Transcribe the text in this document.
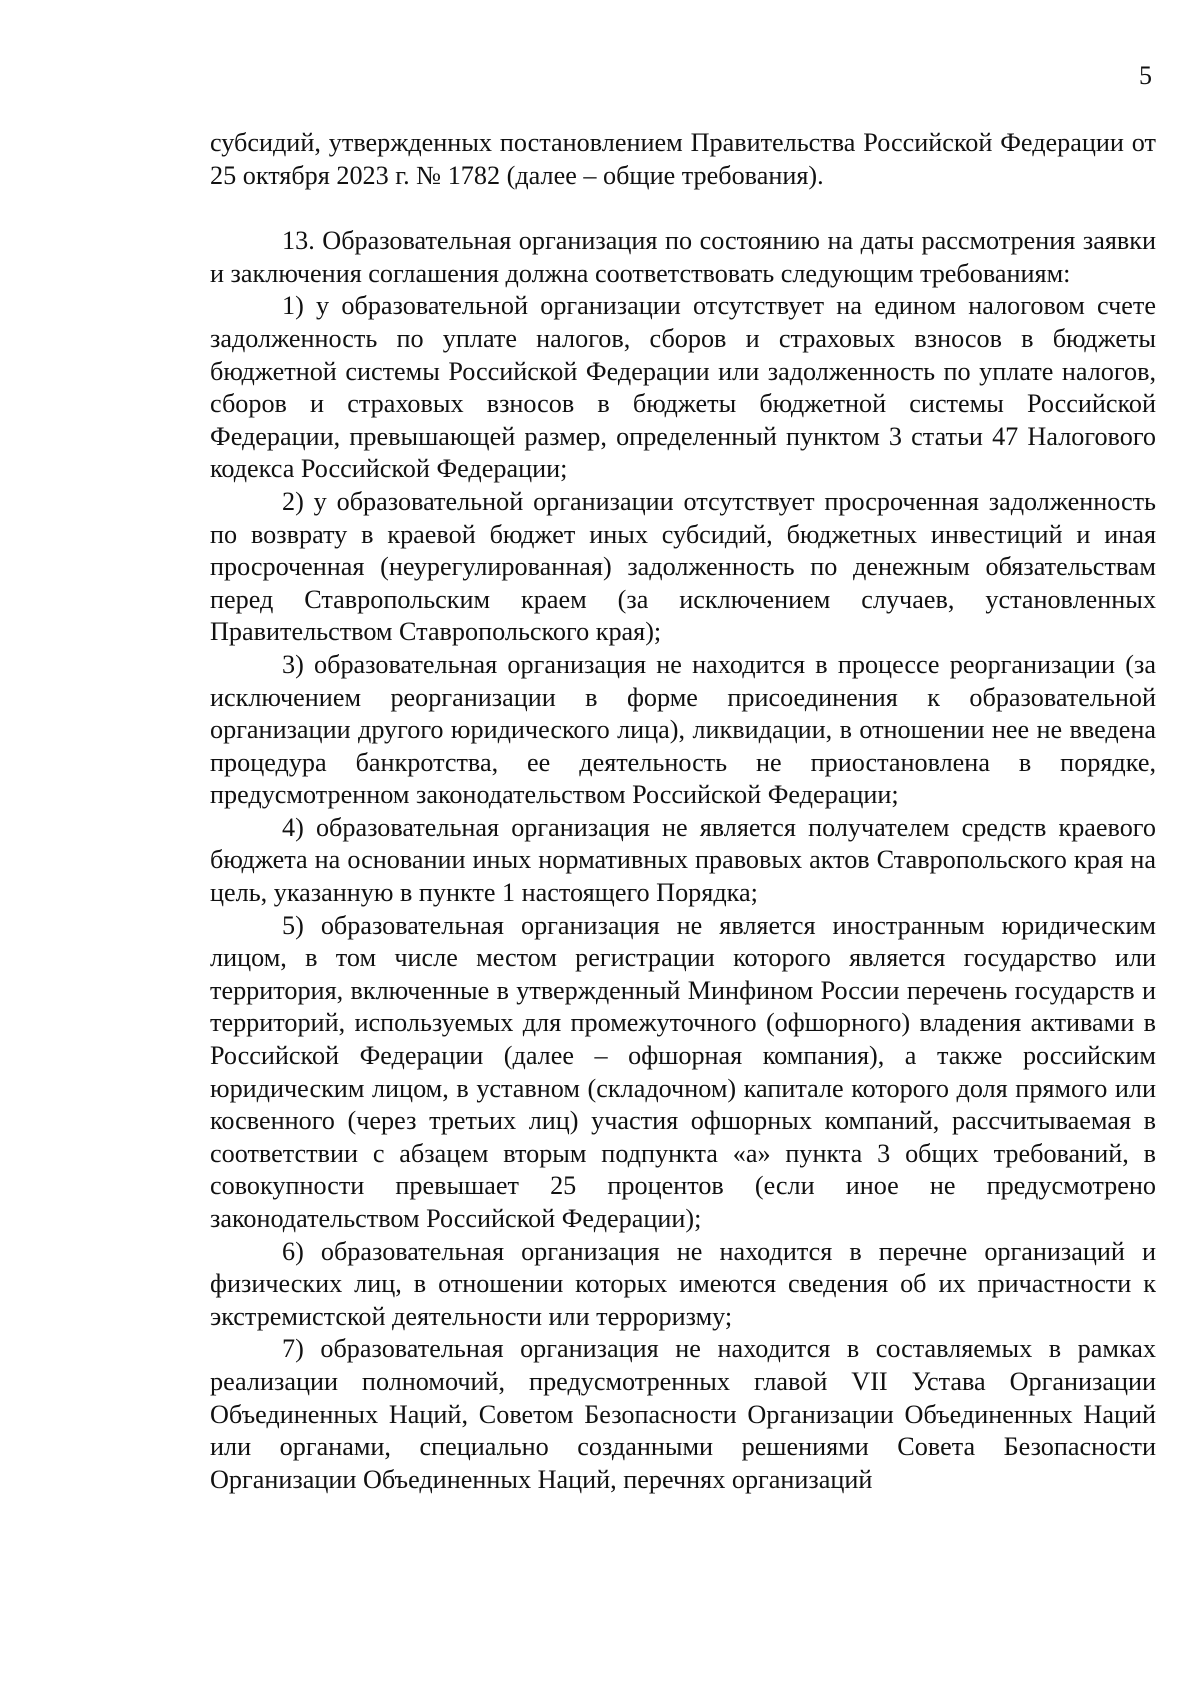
5

субсидий, утвержденных постановлением Правительства Российской Федерации от 25 октября 2023 г. № 1782 (далее – общие требования).

13. Образовательная организация по состоянию на даты рассмотрения заявки и заключения соглашения должна соответствовать следующим требованиям:

1) у образовательной организации отсутствует на едином налоговом счете задолженность по уплате налогов, сборов и страховых взносов в бюджеты бюджетной системы Российской Федерации или задолженность по уплате налогов, сборов и страховых взносов в бюджеты бюджетной системы Российской Федерации, превышающей размер, определенный пунктом 3 статьи 47 Налогового кодекса Российской Федерации;

2) у образовательной организации отсутствует просроченная задолженность по возврату в краевой бюджет иных субсидий, бюджетных инвестиций и иная просроченная (неурегулированная) задолженность по денежным обязательствам перед Ставропольским краем (за исключением случаев, установленных Правительством Ставропольского края);

3) образовательная организация не находится в процессе реорганизации (за исключением реорганизации в форме присоединения к образовательной организации другого юридического лица), ликвидации, в отношении нее не введена процедура банкротства, ее деятельность не приостановлена в порядке, предусмотренном законодательством Российской Федерации;

4) образовательная организация не является получателем средств краевого бюджета на основании иных нормативных правовых актов Ставропольского края на цель, указанную в пункте 1 настоящего Порядка;

5) образовательная организация не является иностранным юридическим лицом, в том числе местом регистрации которого является государство или территория, включенные в утвержденный Минфином России перечень государств и территорий, используемых для промежуточного (офшорного) владения активами в Российской Федерации (далее – офшорная компания), а также российским юридическим лицом, в уставном (складочном) капитале которого доля прямого или косвенного (через третьих лиц) участия офшорных компаний, рассчитываемая в соответствии с абзацем вторым подпункта «а» пункта 3 общих требований, в совокупности превышает 25 процентов (если иное не предусмотрено законодательством Российской Федерации);

6) образовательная организация не находится в перечне организаций и физических лиц, в отношении которых имеются сведения об их причастности к экстремистской деятельности или терроризму;

7) образовательная организация не находится в составляемых в рамках реализации полномочий, предусмотренных главой VII Устава Организации Объединенных Наций, Советом Безопасности Организации Объединенных Наций или органами, специально созданными решениями Совета Безопасности Организации Объединенных Наций, перечнях организаций
